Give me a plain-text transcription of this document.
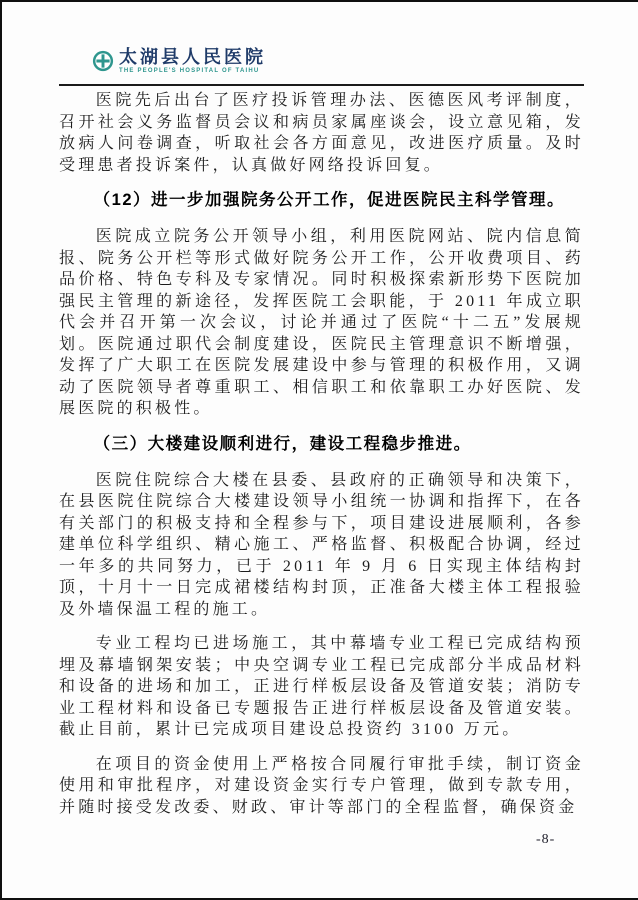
太湖县人民医院
THE PEOPLE'S HOSPITAL OF TAIHU

医院先后出台了医疗投诉管理办法、医德医风考评制度，召开社会义务监督员会议和病员家属座谈会，设立意见箱，发放病人问卷调查，听取社会各方面意见，改进医疗质量。及时受理患者投诉案件，认真做好网络投诉回复。

（12）进一步加强院务公开工作，促进医院民主科学管理。

医院成立院务公开领导小组，利用医院网站、院内信息简报、院务公开栏等形式做好院务公开工作，公开收费项目、药品价格、特色专科及专家情况。同时积极探索新形势下医院加强民主管理的新途径，发挥医院工会职能，于 2011 年成立职代会并召开第一次会议，讨论并通过了医院“十二五”发展规划。医院通过职代会制度建设，医院民主管理意识不断增强，发挥了广大职工在医院发展建设中参与管理的积极作用，又调动了医院领导者尊重职工、相信职工和依靠职工办好医院、发展医院的积极性。

（三）大楼建设顺利进行，建设工程稳步推进。

医院住院综合大楼在县委、县政府的正确领导和决策下，在县医院住院综合大楼建设领导小组统一协调和指挥下，在各有关部门的积极支持和全程参与下，项目建设进展顺利，各参建单位科学组织、精心施工、严格监督、积极配合协调，经过一年多的共同努力，已于 2011 年 9 月 6 日实现主体结构封顶，十月十一日完成裙楼结构封顶，正准备大楼主体工程报验及外墙保温工程的施工。

专业工程均已进场施工，其中幕墙专业工程已完成结构预埋及幕墙钢架安装；中央空调专业工程已完成部分半成品材料和设备的进场和加工，正进行样板层设备及管道安装；消防专业工程材料和设备已专题报告正进行样板层设备及管道安装。截止目前，累计已完成项目建设总投资约 3100 万元。

在项目的资金使用上严格按合同履行审批手续，制订资金使用和审批程序，对建设资金实行专户管理，做到专款专用，并随时接受发改委、财政、审计等部门的全程监督，确保资金

-8-
